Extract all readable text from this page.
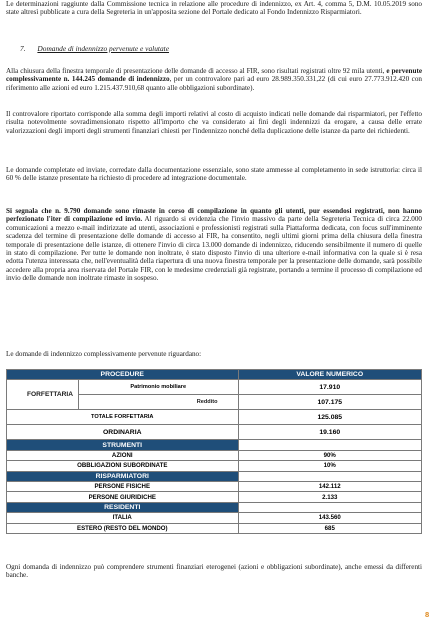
Le determinazioni raggiunte dalla Commissione tecnica in relazione alle procedure di indennizzo, ex Art. 4, comma 5, D.M. 10.05.2019 sono state altresì pubblicate a cura della Segreteria in un'apposita sezione del Portale dedicato al Fondo Indennizzo Risparmiatori.

7. Domande di indennizzo pervenute e valutate

Alla chiusura della finestra temporale di presentazione delle domande di accesso al FIR, sono risultati registrati oltre 92 mila utenti, e pervenute complessivamente n. 144.245 domande di indennizzo, per un controvalore pari ad euro 28.989.350.331,22 (di cui euro 27.773.912.420 con riferimento alle azioni ed euro 1.215.437.910,68 quanto alle obbligazioni subordinate).

Il controvalore riportato corrisponde alla somma degli importi relativi al costo di acquisto indicati nelle domande dai risparmiatori, per l'effetto risulta notevolmente sovradimensionato rispetto all'importo che va considerato ai fini degli indennizzi da erogare, a causa delle errate valorizzazioni degli importi degli strumenti finanziari chiesti per l'indennizzo nonché della duplicazione delle istanze da parte dei richiedenti.

Le domande completate ed inviate, corredate dalla documentazione essenziale, sono state ammesse al completamento in sede istruttoria: circa il 60 % delle istanze presentate ha richiesto di procedere ad integrazione documentale.

Si segnala che n. 9.790 domande sono rimaste in corso di compilazione in quanto gli utenti, pur essendosi registrati, non hanno perfezionato l'iter di compilazione ed invio. Al riguardo si evidenzia che l'invio massivo da parte della Segreteria Tecnica di circa 22.000 comunicazioni a mezzo e-mail indirizzate ad utenti, associazioni e professionisti registrati sulla Piattaforma dedicata, con focus sull'imminente scadenza del termine di presentazione delle domande di accesso al FIR, ha consentito, negli ultimi giorni prima della chiusura della finestra temporale di presentazione delle istanze, di ottenere l'invio di circa 13.000 domande di indennizzo, riducendo sensibilmente il numero di quelle in stato di compilazione. Per tutte le domande non inoltrate, è stato disposto l'invio di una ulteriore e-mail informativa con la quale si è resa edotta l'utenza interessata che, nell'eventualità della riapertura di una nuova finestra temporale per la presentazione delle domande, sarà possibile accedere alla propria area riservata del Portale FIR, con le medesime credenziali già registrate, portando a termine il processo di compilazione ed invio delle domande non inoltrate rimaste in sospeso.

Le domande di indennizzo complessivamente pervenute riguardano:

PROCEDURE		VALORE NUMERICO
FORFETTARIA	Patrimonio mobiliare	17.910
	Reddito	107.175
TOTALE FORFETTARIA		125.085
ORDINARIA		19.160
STRUMENTI		
AZIONI		90%
OBBLIGAZIONI SUBORDINATE		10%
RISPARMIATORI		
PERSONE FISICHE		142.112
PERSONE GIURIDICHE		2.133
RESIDENTI		
ITALIA		143.560
ESTERO (RESTO DEL MONDO)		685

Ogni domanda di indennizzo può comprendere strumenti finanziari eterogenei (azioni e obbligazioni subordinate), anche emessi da differenti banche.

8
